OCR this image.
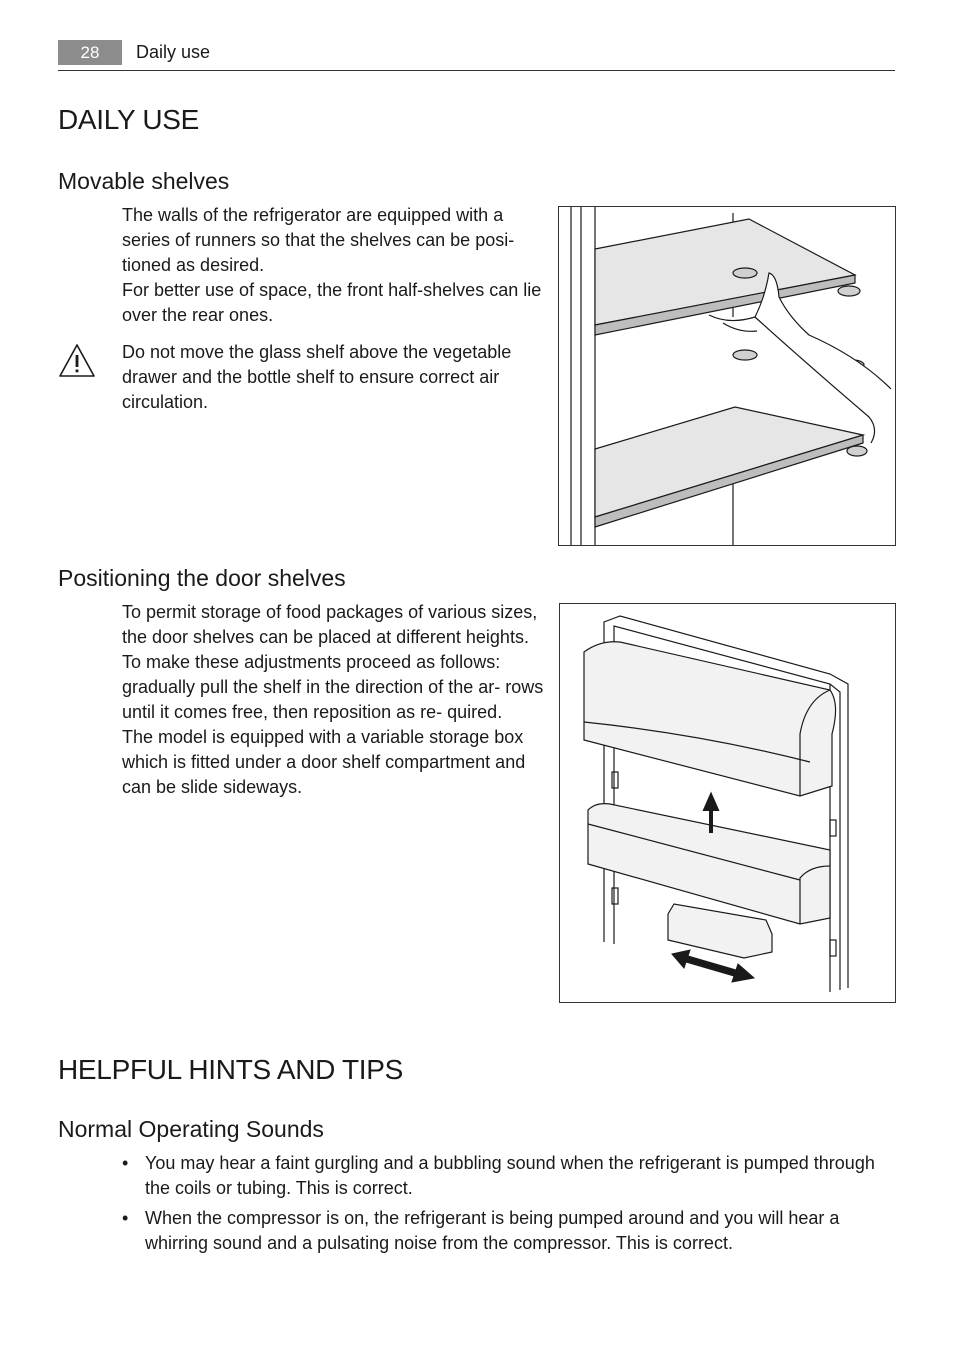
28	Daily use
DAILY USE
Movable shelves

The walls of the refrigerator are equipped with a series of runners so that the shelves can be posi- tioned as desired.

For better use of space, the front half-shelves can lie over the rear ones.

Do not move the glass shelf above the vegetable drawer and the bottle shelf to ensure correct air circulation.

Positioning the door shelves

To permit storage of food packages of various sizes, the door shelves can be placed at different heights.

To make these adjustments proceed as follows: gradually pull the shelf in the direction of the ar- rows until it comes free, then reposition as re- quired.

The model is equipped with a variable storage box which is fitted under a door shelf compartment and can be slide sideways.

HELPFUL HINTS AND TIPS
Normal Operating Sounds
• You may hear a faint gurgling and a bubbling sound when the refrigerant is pumped through the coils or tubing. This is correct.
• When the compressor is on, the refrigerant is being pumped around and you will hear a whirring sound and a pulsating noise from the compressor. This is correct.
